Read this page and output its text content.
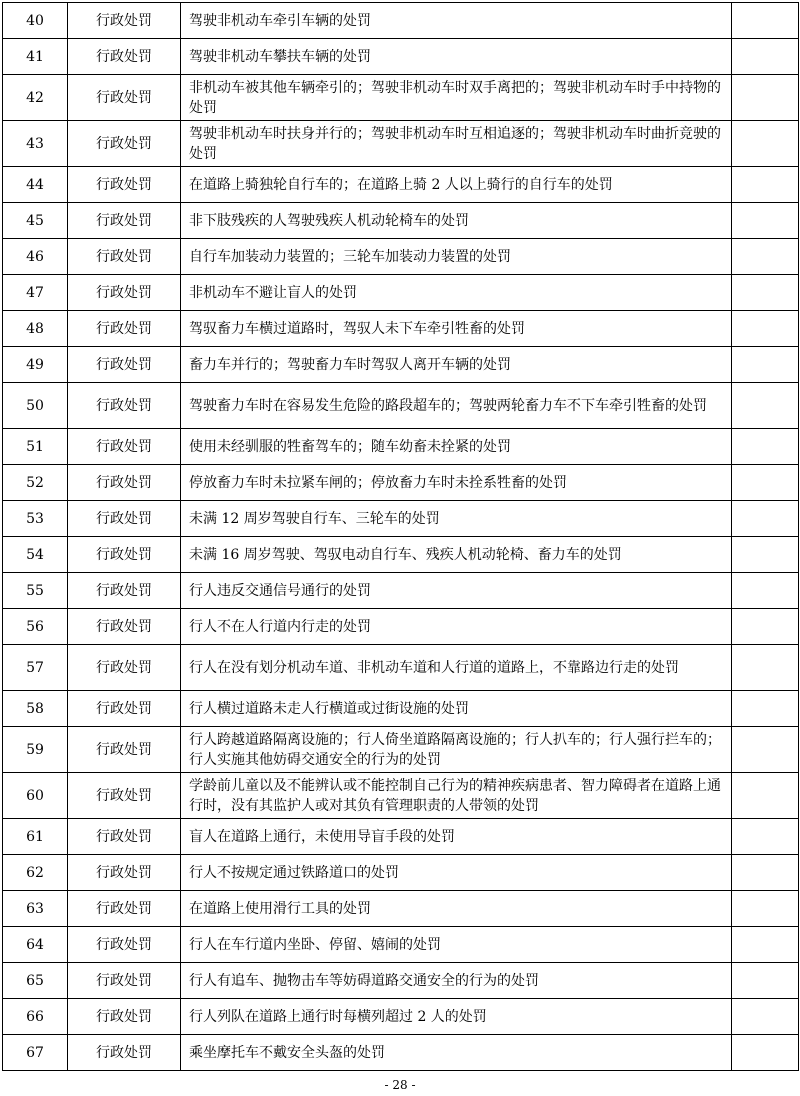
40	行政处罚	驾驶非机动车牵引车辆的处罚	
41	行政处罚	驾驶非机动车攀扶车辆的处罚	
42	行政处罚	非机动车被其他车辆牵引的；驾驶非机动车时双手离把的；驾驶非机动车时手中持物的处罚	
43	行政处罚	驾驶非机动车时扶身并行的；驾驶非机动车时互相追逐的；驾驶非机动车时曲折竞驶的处罚	
44	行政处罚	在道路上骑独轮自行车的；在道路上骑 2 人以上骑行的自行车的处罚	
45	行政处罚	非下肢残疾的人驾驶残疾人机动轮椅车的处罚	
46	行政处罚	自行车加装动力装置的；三轮车加装动力装置的处罚	
47	行政处罚	非机动车不避让盲人的处罚	
48	行政处罚	驾驭畜力车横过道路时，驾驭人未下车牵引牲畜的处罚	
49	行政处罚	畜力车并行的；驾驶畜力车时驾驭人离开车辆的处罚	
50	行政处罚	驾驶畜力车时在容易发生危险的路段超车的；驾驶两轮畜力车不下车牵引牲畜的处罚	
51	行政处罚	使用未经驯服的牲畜驾车的；随车幼畜未拴紧的处罚	
52	行政处罚	停放畜力车时未拉紧车闸的；停放畜力车时未拴系牲畜的处罚	
53	行政处罚	未满 12 周岁驾驶自行车、三轮车的处罚	
54	行政处罚	未满 16 周岁驾驶、驾驭电动自行车、残疾人机动轮椅、畜力车的处罚	
55	行政处罚	行人违反交通信号通行的处罚	
56	行政处罚	行人不在人行道内行走的处罚	
57	行政处罚	行人在没有划分机动车道、非机动车道和人行道的道路上，不靠路边行走的处罚	
58	行政处罚	行人横过道路未走人行横道或过街设施的处罚	
59	行政处罚	行人跨越道路隔离设施的；行人倚坐道路隔离设施的；行人扒车的；行人强行拦车的；行人实施其他妨碍交通安全的行为的处罚	
60	行政处罚	学龄前儿童以及不能辨认或不能控制自己行为的精神疾病患者、智力障碍者在道路上通行时，没有其监护人或对其负有管理职责的人带领的处罚	
61	行政处罚	盲人在道路上通行，未使用导盲手段的处罚	
62	行政处罚	行人不按规定通过铁路道口的处罚	
63	行政处罚	在道路上使用滑行工具的处罚	
64	行政处罚	行人在车行道内坐卧、停留、嬉闹的处罚	
65	行政处罚	行人有追车、抛物击车等妨碍道路交通安全的行为的处罚	
66	行政处罚	行人列队在道路上通行时每横列超过 2 人的处罚	
67	行政处罚	乘坐摩托车不戴安全头盔的处罚	
- 28 -
